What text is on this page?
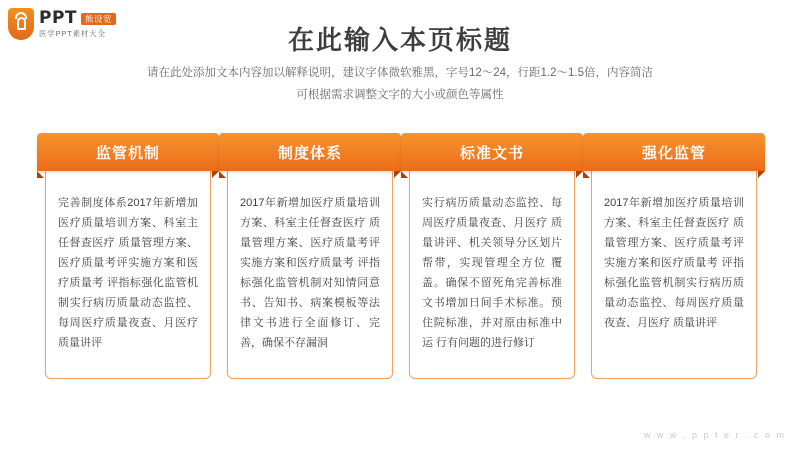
PPT 熊设宽
医学PPT素材大全	在此输入本页标题
请在此处添加文本内容加以解释说明，建议字体微软雅黑，字号12～24，行距1.2～1.5倍，内容简洁
可根据需求调整文字的大小或颜色等属性
监管机制
完善制度体系2017年新增加医疗质量培训方案、科室主任督查医疗 质量管理方案、医疗质量考评实施方案和医疗质量考 评指标强化监管机制实行病历质量动态监控、每周医疗质量夜查、月医疗 质量讲评
制度体系
2017年新增加医疗质量培训方案、科室主任督查医疗 质量管理方案、医疗质量考评实施方案和医疗质量考 评指标强化监管机制对知情同意书、告知书、病案模板等法律文书进行全面修订、完善，确保不存漏洞
标准文书
实行病历质量动态监控、每周医疗质量夜查、月医疗 质量讲评、机关领导分区划片帮带，实现管理全方位 覆盖。确保不留死角完善标准文书增加日间手术标准。预住院标准，并对原由标准中运 行有问题的进行修订
强化监管
2017年新增加医疗质量培训方案、科室主任督查医疗 质量管理方案、医疗质量考评实施方案和医疗质量考 评指标强化监管机制实行病历质量动态监控、每周医疗质量夜查、月医疗 质量讲评
w w w . p p t e r . c o m
